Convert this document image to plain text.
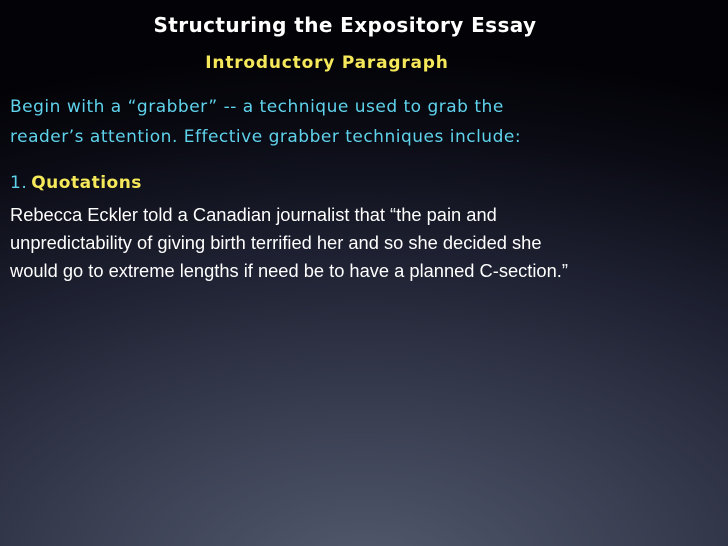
Structuring the Expository Essay
Introductory Paragraph
Begin with a “grabber” -- a technique used to grab the
reader’s attention. Effective grabber techniques include:
1. Quotations
Rebecca Eckler told a Canadian journalist that “the pain and
unpredictability of giving birth terrified her and so she decided she
would go to extreme lengths if need be to have a planned C-section.”
